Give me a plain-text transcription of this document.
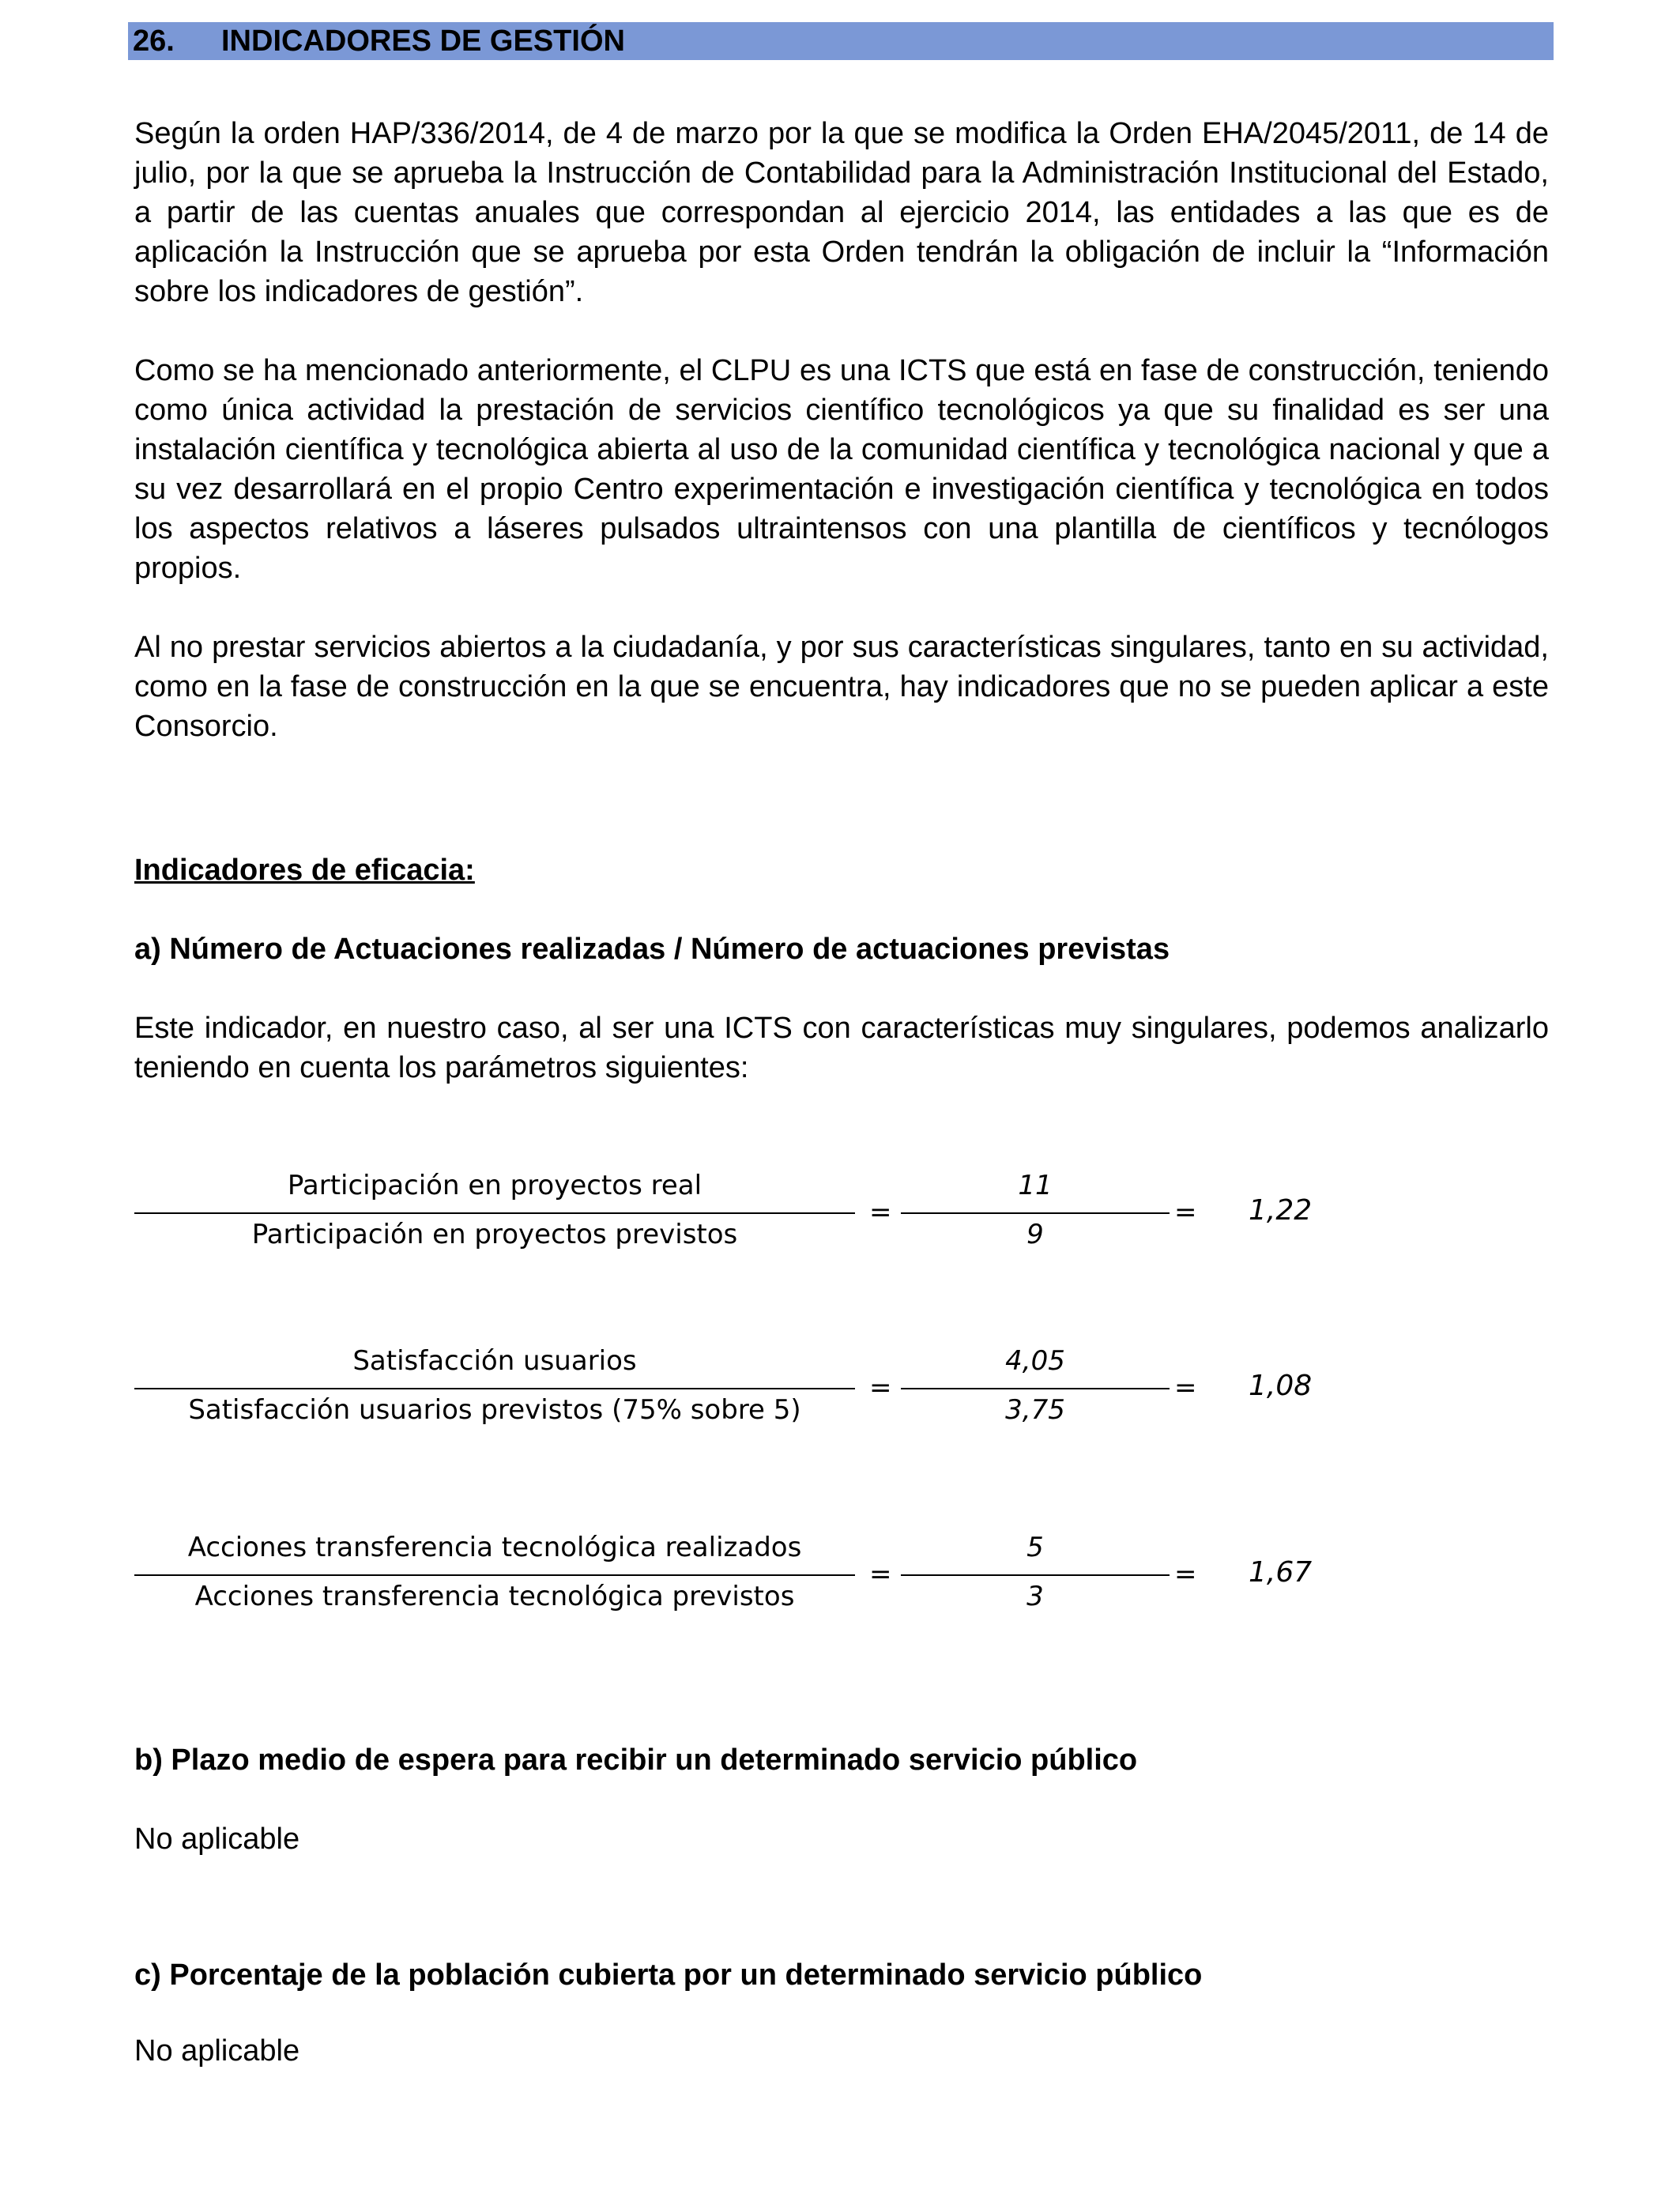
26. INDICADORES DE GESTIÓN

Según la orden HAP/336/2014, de 4 de marzo por la que se modifica la Orden EHA/2045/2011, de 14 de julio, por la que se aprueba la Instrucción de Contabilidad para la Administración Institucional del Estado, a partir de las cuentas anuales que correspondan al ejercicio 2014, las entidades a las que es de aplicación la Instrucción que se aprueba por esta Orden tendrán la obligación de incluir la “Información sobre los indicadores de gestión”.

Como se ha mencionado anteriormente, el CLPU es una ICTS que está en fase de construcción, teniendo como única actividad la prestación de servicios científico tecnológicos ya que su finalidad es ser una instalación científica y tecnológica abierta al uso de la comunidad científica y tecnológica nacional y que a su vez desarrollará en el propio Centro experimentación e investigación científica y tecnológica en todos los aspectos relativos a láseres pulsados ultraintensos con una plantilla de científicos y tecnólogos propios.

Al no prestar servicios abiertos a la ciudadanía, y por sus características singulares, tanto en su actividad, como en la fase de construcción en la que se encuentra, hay indicadores que no se pueden aplicar a este Consorcio.

Indicadores de eficacia:

a) Número de Actuaciones realizadas / Número de actuaciones previstas

Este indicador, en nuestro caso, al ser una ICTS con características muy singulares, podemos analizarlo teniendo en cuenta los parámetros siguientes:

Participación en proyectos real
Participación en proyectos previstos
=
11
9
= 1,22
Satisfacción usuarios
Satisfacción usuarios previstos (75% sobre 5)
=
4,05
3,75
= 1,08
Acciones transferencia tecnológica realizados
Acciones transferencia tecnológica previstos
=
5
3
= 1,67

b) Plazo medio de espera para recibir un determinado servicio público

No aplicable

c) Porcentaje de la población cubierta por un determinado servicio público

No aplicable
